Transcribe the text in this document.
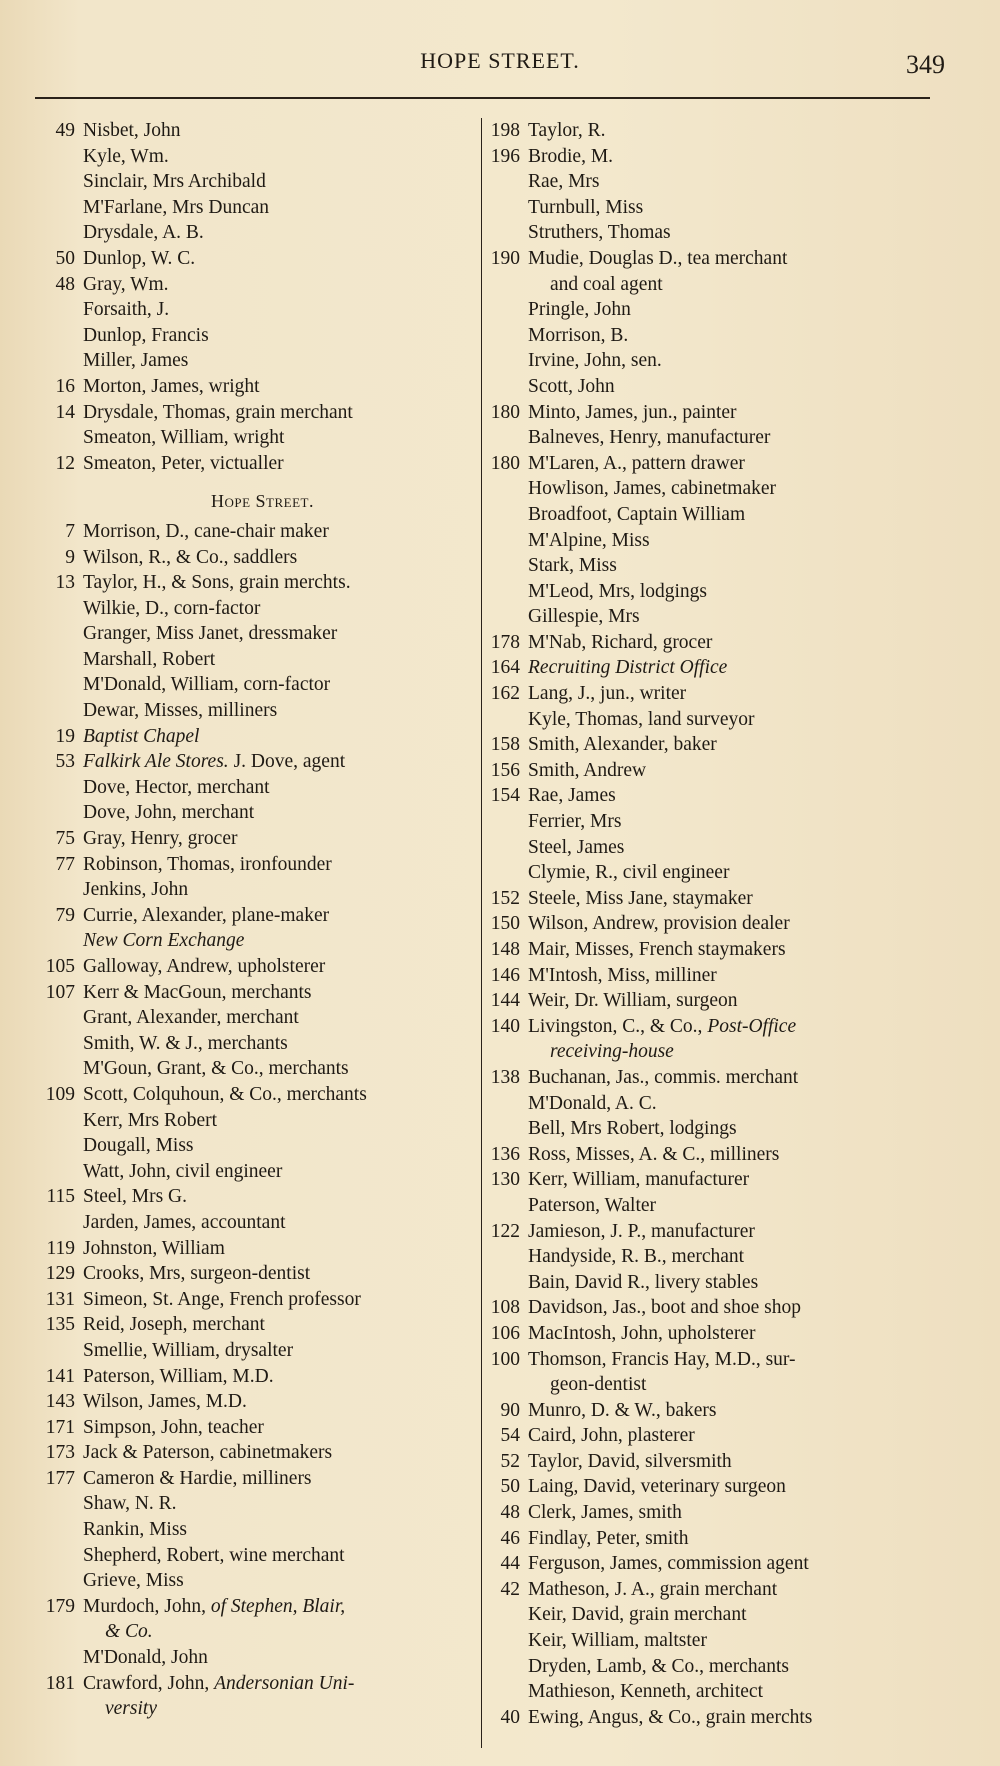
HOPE STREET.	349
49 Nisbet, John
Kyle, Wm.
Sinclair, Mrs Archibald
M'Farlane, Mrs Duncan
Drysdale, A. B.
50 Dunlop, W. C.
48 Gray, Wm.
Forsaith, J.
Dunlop, Francis
Miller, James
16 Morton, James, wright
14 Drysdale, Thomas, grain merchant
Smeaton, William, wright
12 Smeaton, Peter, victualler
Hope Street.
7 Morrison, D., cane-chair maker
9 Wilson, R., & Co., saddlers
13 Taylor, H., & Sons, grain merchts.
Wilkie, D., corn-factor
Granger, Miss Janet, dressmaker
Marshall, Robert
M'Donald, William, corn-factor
Dewar, Misses, milliners
19 Baptist Chapel
53 Falkirk Ale Stores. J. Dove, agent
Dove, Hector, merchant
Dove, John, merchant
75 Gray, Henry, grocer
77 Robinson, Thomas, ironfounder
Jenkins, John
79 Currie, Alexander, plane-maker
New Corn Exchange
105 Galloway, Andrew, upholsterer
107 Kerr & MacGoun, merchants
Grant, Alexander, merchant
Smith, W. & J., merchants
M'Goun, Grant, & Co., merchants
109 Scott, Colquhoun, & Co., merchants
Kerr, Mrs Robert
Dougall, Miss
Watt, John, civil engineer
115 Steel, Mrs G.
Jarden, James, accountant
119 Johnston, William
129 Crooks, Mrs, surgeon-dentist
131 Simeon, St. Ange, French professor
135 Reid, Joseph, merchant
Smellie, William, drysalter
141 Paterson, William, M.D.
143 Wilson, James, M.D.
171 Simpson, John, teacher
173 Jack & Paterson, cabinetmakers
177 Cameron & Hardie, milliners
Shaw, N. R.
Rankin, Miss
Shepherd, Robert, wine merchant
Grieve, Miss
179 Murdoch, John, of Stephen, Blair,
& Co.
M'Donald, John
181 Crawford, John, Andersonian Uni-
versity
198 Taylor, R.
196 Brodie, M.
Rae, Mrs
Turnbull, Miss
Struthers, Thomas
190 Mudie, Douglas D., tea merchant
and coal agent
Pringle, John
Morrison, B.
Irvine, John, sen.
Scott, John
180 Minto, James, jun., painter
Balneves, Henry, manufacturer
180 M'Laren, A., pattern drawer
Howlison, James, cabinetmaker
Broadfoot, Captain William
M'Alpine, Miss
Stark, Miss
M'Leod, Mrs, lodgings
Gillespie, Mrs
178 M'Nab, Richard, grocer
164 Recruiting District Office
162 Lang, J., jun., writer
Kyle, Thomas, land surveyor
158 Smith, Alexander, baker
156 Smith, Andrew
154 Rae, James
Ferrier, Mrs
Steel, James
Clymie, R., civil engineer
152 Steele, Miss Jane, staymaker
150 Wilson, Andrew, provision dealer
148 Mair, Misses, French staymakers
146 M'Intosh, Miss, milliner
144 Weir, Dr. William, surgeon
140 Livingston, C., & Co., Post-Office
receiving-house
138 Buchanan, Jas., commis. merchant
M'Donald, A. C.
Bell, Mrs Robert, lodgings
136 Ross, Misses, A. & C., milliners
130 Kerr, William, manufacturer
Paterson, Walter
122 Jamieson, J. P., manufacturer
Handyside, R. B., merchant
Bain, David R., livery stables
108 Davidson, Jas., boot and shoe shop
106 MacIntosh, John, upholsterer
100 Thomson, Francis Hay, M.D., sur-
geon-dentist
90 Munro, D. & W., bakers
54 Caird, John, plasterer
52 Taylor, David, silversmith
50 Laing, David, veterinary surgeon
48 Clerk, James, smith
46 Findlay, Peter, smith
44 Ferguson, James, commission agent
42 Matheson, J. A., grain merchant
Keir, David, grain merchant
Keir, William, maltster
Dryden, Lamb, & Co., merchants
Mathieson, Kenneth, architect
40 Ewing, Angus, & Co., grain merchts
